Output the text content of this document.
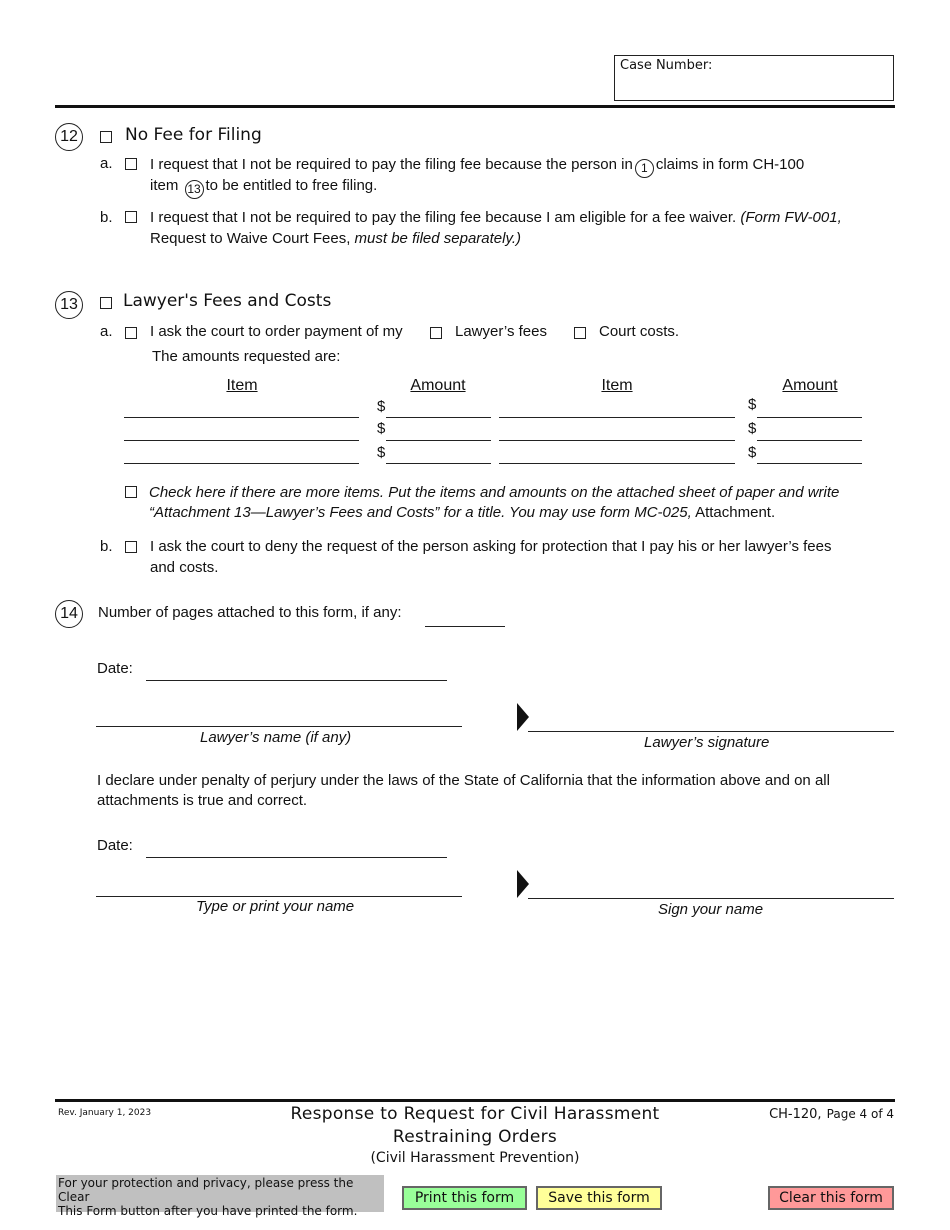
Case Number:
12	No Fee for Filing
a. I request that I not be required to pay the filing fee because the person in 1 claims in form CH-100
item 13 to be entitled to free filing.
b. I request that I not be required to pay the filing fee because I am eligible for a fee waiver. (Form FW-001,
Request to Waive Court Fees, must be filed separately.)
13	Lawyer's Fees and Costs
a. I ask the court to order payment of my	Lawyer’s fees	Court costs.
The amounts requested are:
Item	Amount	Item	Amount
$	$
$	$
$	$
Check here if there are more items. Put the items and amounts on the attached sheet of paper and write
“Attachment 13—Lawyer’s Fees and Costs” for a title. You may use form MC-025, Attachment.
b. I ask the court to deny the request of the person asking for protection that I pay his or her lawyer’s fees
and costs.
14	Number of pages attached to this form, if any:
Date:
Lawyer’s name (if any)	Lawyer’s signature
I declare under penalty of perjury under the laws of the State of California that the information above and on all
attachments is true and correct.
Date:
Type or print your name	Sign your name
Rev. January 1, 2023	Response to Request for Civil Harassment
Restraining Orders
(Civil Harassment Prevention)
CH-120, Page 4 of 4
For your protection and privacy, please press the Clear
This Form button after you have printed the form.
Print this form	Save this form	Clear this form
